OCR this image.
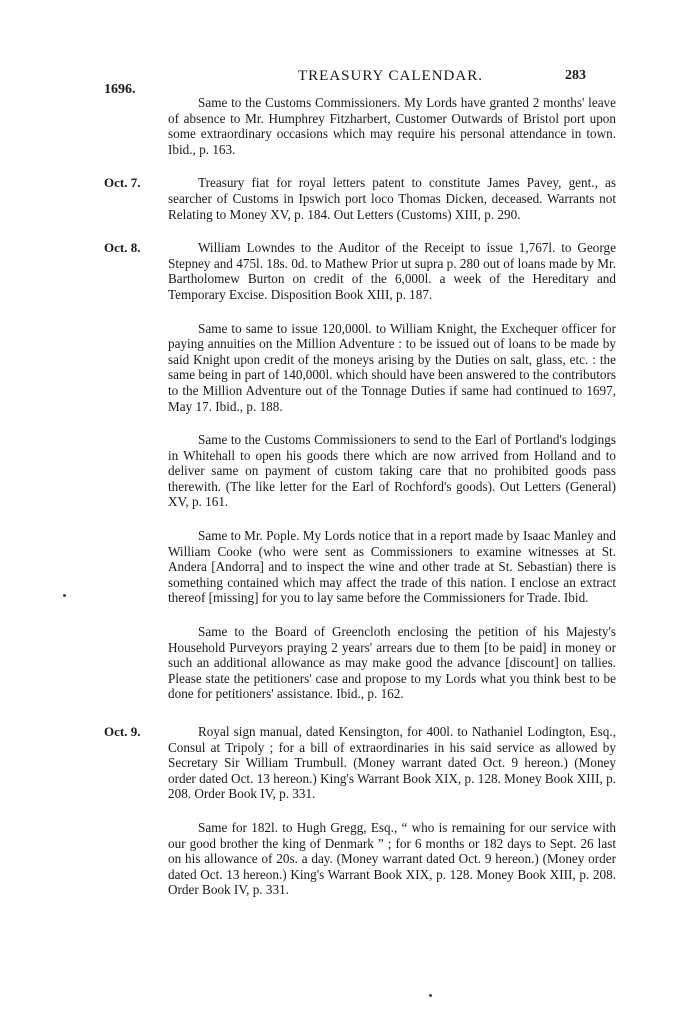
1696.
TREASURY CALENDAR.	283
Same to the Customs Commissioners. My Lords have granted 2 months' leave of absence to Mr. Humphrey Fitzharbert, Customer Outwards of Bristol port upon some extraordinary occasions which may require his personal attendance in town. Ibid., p. 163.
Oct. 7.	Treasury fiat for royal letters patent to constitute James Pavey, gent., as searcher of Customs in Ipswich port loco Thomas Dicken, deceased. Warrants not Relating to Money XV, p. 184. Out Letters (Customs) XIII, p. 290.
Oct. 8.	William Lowndes to the Auditor of the Receipt to issue 1,767l. to George Stepney and 475l. 18s. 0d. to Mathew Prior ut supra p. 280 out of loans made by Mr. Bartholomew Burton on credit of the 6,000l. a week of the Hereditary and Temporary Excise. Disposition Book XIII, p. 187.
Same to same to issue 120,000l. to William Knight, the Exchequer officer for paying annuities on the Million Adventure : to be issued out of loans to be made by said Knight upon credit of the moneys arising by the Duties on salt, glass, etc. : the same being in part of 140,000l. which should have been answered to the contributors to the Million Adventure out of the Tonnage Duties if same had continued to 1697, May 17. Ibid., p. 188.
Same to the Customs Commissioners to send to the Earl of Portland's lodgings in Whitehall to open his goods there which are now arrived from Holland and to deliver same on payment of custom taking care that no prohibited goods pass therewith. (The like letter for the Earl of Rochford's goods). Out Letters (General) XV, p. 161.
Same to Mr. Pople. My Lords notice that in a report made by Isaac Manley and William Cooke (who were sent as Commissioners to examine witnesses at St. Andera [Andorra] and to inspect the wine and other trade at St. Sebastian) there is something contained which may affect the trade of this nation. I enclose an extract thereof [missing] for you to lay same before the Commissioners for Trade. Ibid.
Same to the Board of Greencloth enclosing the petition of his Majesty's Household Purveyors praying 2 years' arrears due to them [to be paid] in money or such an additional allowance as may make good the advance [discount] on tallies. Please state the petitioners' case and propose to my Lords what you think best to be done for petitioners' assistance. Ibid., p. 162.
Oct. 9.	Royal sign manual, dated Kensington, for 400l. to Nathaniel Lodington, Esq., Consul at Tripoly ; for a bill of extraordinaries in his said service as allowed by Secretary Sir William Trumbull. (Money warrant dated Oct. 9 hereon.) (Money order dated Oct. 13 hereon.) King's Warrant Book XIX, p. 128. Money Book XIII, p. 208. Order Book IV, p. 331.
Same for 182l. to Hugh Gregg, Esq., “ who is remaining for our service with our good brother the king of Denmark ” ; for 6 months or 182 days to Sept. 26 last on his allowance of 20s. a day. (Money warrant dated Oct. 9 hereon.) (Money order dated Oct. 13 hereon.) King's Warrant Book XIX, p. 128. Money Book XIII, p. 208. Order Book IV, p. 331.
